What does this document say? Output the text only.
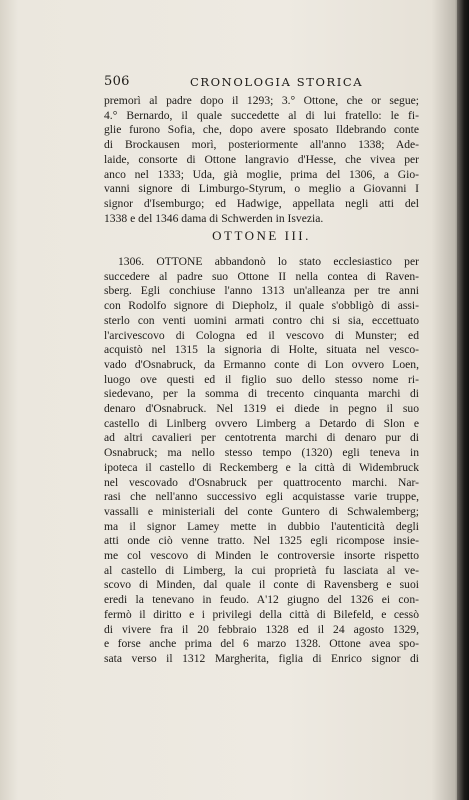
506	CRONOLOGIA STORICA
premorì al padre dopo il 1293; 3.° Ottone, che or segue;
4.° Bernardo, il quale succedette al di lui fratello: le fi-
glie furono Sofia, che, dopo avere sposato Ildebrando conte
di Brockausen morì, posteriormente all'anno 1338; Ade-
laide, consorte di Ottone langravio d'Hesse, che vivea per
anco nel 1333; Uda, già moglie, prima del 1306, a Gio-
vanni signore di Limburgo-Styrum, o meglio a Giovanni I
signor d'Isemburgo; ed Hadwige, appellata negli atti del
1338 e del 1346 dama di Schwerden in Isvezia.
OTTONE III.
1306. OTTONE abbandonò lo stato ecclesiastico per
succedere al padre suo Ottone II nella contea di Raven-
sberg. Egli conchiuse l'anno 1313 un'alleanza per tre anni
con Rodolfo signore di Diepholz, il quale s'obbligò di assi-
sterlo con venti uomini armati contro chi si sia, eccettuato
l'arcivescovo di Cologna ed il vescovo di Munster; ed
acquistò nel 1315 la signoria di Holte, situata nel vesco-
vado d'Osnabruck, da Ermanno conte di Lon ovvero Loen,
luogo ove questi ed il figlio suo dello stesso nome ri-
siedevano, per la somma di trecento cinquanta marchi di
denaro d'Osnabruck. Nel 1319 ei diede in pegno il suo
castello di Linlberg ovvero Limberg a Detardo di Slon e
ad altri cavalieri per centotrenta marchi di denaro pur di
Osnabruck; ma nello stesso tempo (1320) egli teneva in
ipoteca il castello di Reckemberg e la città di Widembruck
nel vescovado d'Osnabruck per quattrocento marchi. Nar-
rasi che nell'anno successivo egli acquistasse varie truppe,
vassalli e ministeriali del conte Guntero di Schwalemberg;
ma il signor Lamey mette in dubbio l'autenticità degli
atti onde ciò venne tratto. Nel 1325 egli ricompose insie-
me col vescovo di Minden le controversie insorte rispetto
al castello di Limberg, la cui proprietà fu lasciata al ve-
scovo di Minden, dal quale il conte di Ravensberg e suoi
eredi la tenevano in feudo. A'12 giugno del 1326 ei con-
fermò il diritto e i privilegi della città di Bilefeld, e cessò
di vivere fra il 20 febbraio 1328 ed il 24 agosto 1329,
e forse anche prima del 6 marzo 1328. Ottone avea spo-
sata verso il 1312 Margherita, figlia di Enrico signor di
